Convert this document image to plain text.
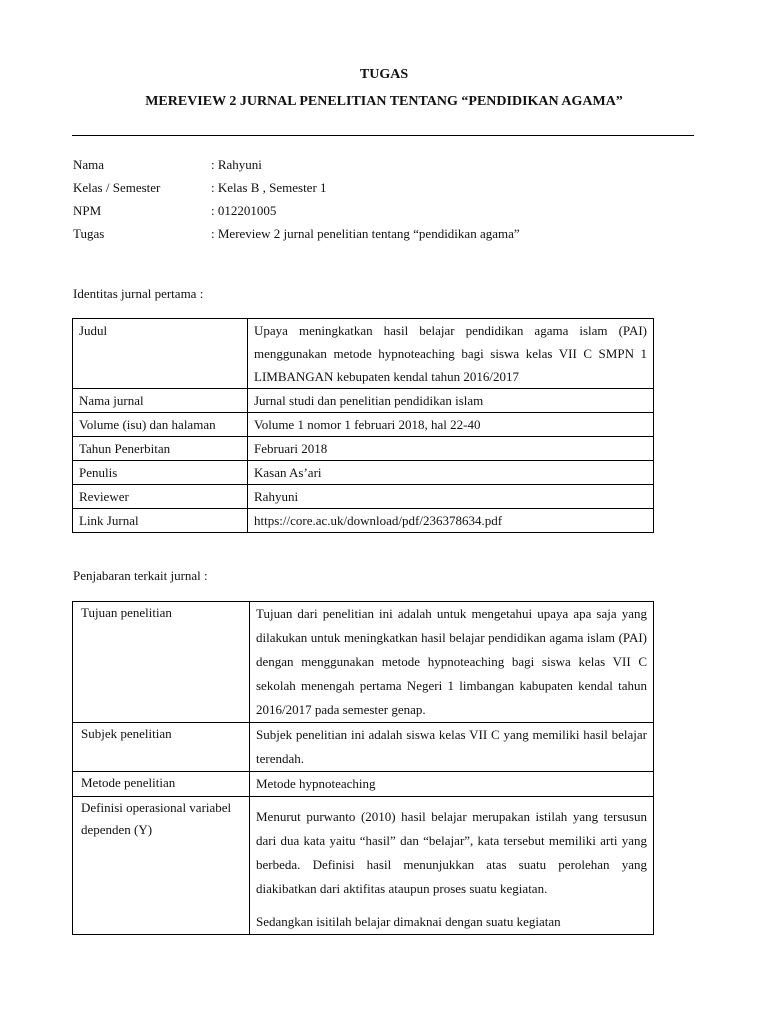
TUGAS
MEREVIEW 2 JURNAL PENELITIAN TENTANG “PENDIDIKAN AGAMA”
Nama	: Rahyuni
Kelas / Semester	: Kelas B , Semester 1
NPM	: 012201005
Tugas	: Mereview 2 jurnal penelitian tentang “pendidikan agama”
Identitas jurnal pertama :
Judul	Upaya meningkatkan hasil belajar pendidikan agama islam (PAI) menggunakan metode hypnoteaching bagi siswa kelas VII C SMPN 1 LIMBANGAN kebupaten kendal tahun 2016/2017
Nama jurnal	Jurnal studi dan penelitian pendidikan islam
Volume (isu) dan halaman	Volume 1 nomor 1 februari 2018, hal 22-40
Tahun Penerbitan	Februari 2018
Penulis	Kasan As’ari
Reviewer	Rahyuni
Link Jurnal	https://core.ac.uk/download/pdf/236378634.pdf
Penjabaran terkait jurnal :
Tujuan penelitian	Tujuan dari penelitian ini adalah untuk mengetahui upaya apa saja yang dilakukan untuk meningkatkan hasil belajar pendidikan agama islam (PAI) dengan menggunakan metode hypnoteaching bagi siswa kelas VII C sekolah menengah pertama Negeri 1 limbangan kabupaten kendal tahun 2016/2017 pada semester genap.
Subjek penelitian	Subjek penelitian ini adalah siswa kelas VII C yang memiliki hasil belajar terendah.
Metode penelitian	Metode hypnoteaching
Definisi operasional variabel dependen (Y)	Menurut purwanto (2010) hasil belajar merupakan istilah yang tersusun dari dua kata yaitu “hasil” dan “belajar”, kata tersebut memiliki arti yang berbeda. Definisi hasil menunjukkan atas suatu perolehan yang diakibatkan dari aktifitas ataupun proses suatu kegiatan.

Sedangkan isitilah belajar dimaknai dengan suatu kegiatan
